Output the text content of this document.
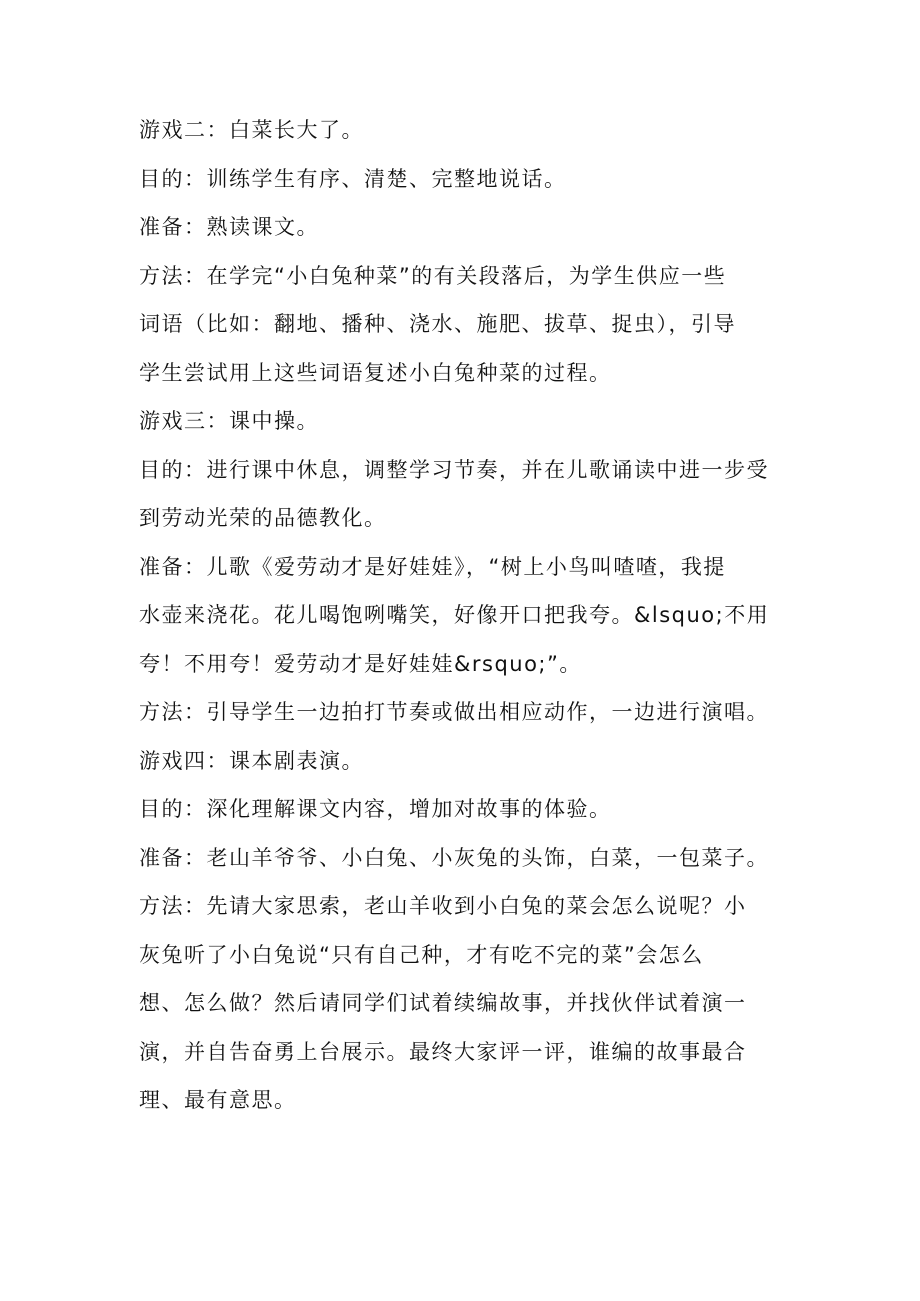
游戏二：白菜长大了。

目的：训练学生有序、清楚、完整地说话。

准备：熟读课文。

方法：在学完“小白兔种菜”的有关段落后，为学生供应一些

词语（比如：翻地、播种、浇水、施肥、拔草、捉虫），引导

学生尝试用上这些词语复述小白兔种菜的过程。

游戏三：课中操。

目的：进行课中休息，调整学习节奏，并在儿歌诵读中进一步受

到劳动光荣的品德教化。

准备：儿歌《爱劳动才是好娃娃》，“树上小鸟叫喳喳，我提

水壶来浇花。花儿喝饱咧嘴笑，好像开口把我夸。&lsquo;不用

夸！不用夸！爱劳动才是好娃娃&rsquo;”。

方法：引导学生一边拍打节奏或做出相应动作，一边进行演唱。

游戏四：课本剧表演。

目的：深化理解课文内容，增加对故事的体验。

准备：老山羊爷爷、小白兔、小灰兔的头饰，白菜，一包菜子。

方法：先请大家思索，老山羊收到小白兔的菜会怎么说呢？小

灰兔听了小白兔说“只有自己种，才有吃不完的菜”会怎么

想、怎么做？然后请同学们试着续编故事，并找伙伴试着演一

演，并自告奋勇上台展示。最终大家评一评，谁编的故事最合

理、最有意思。
